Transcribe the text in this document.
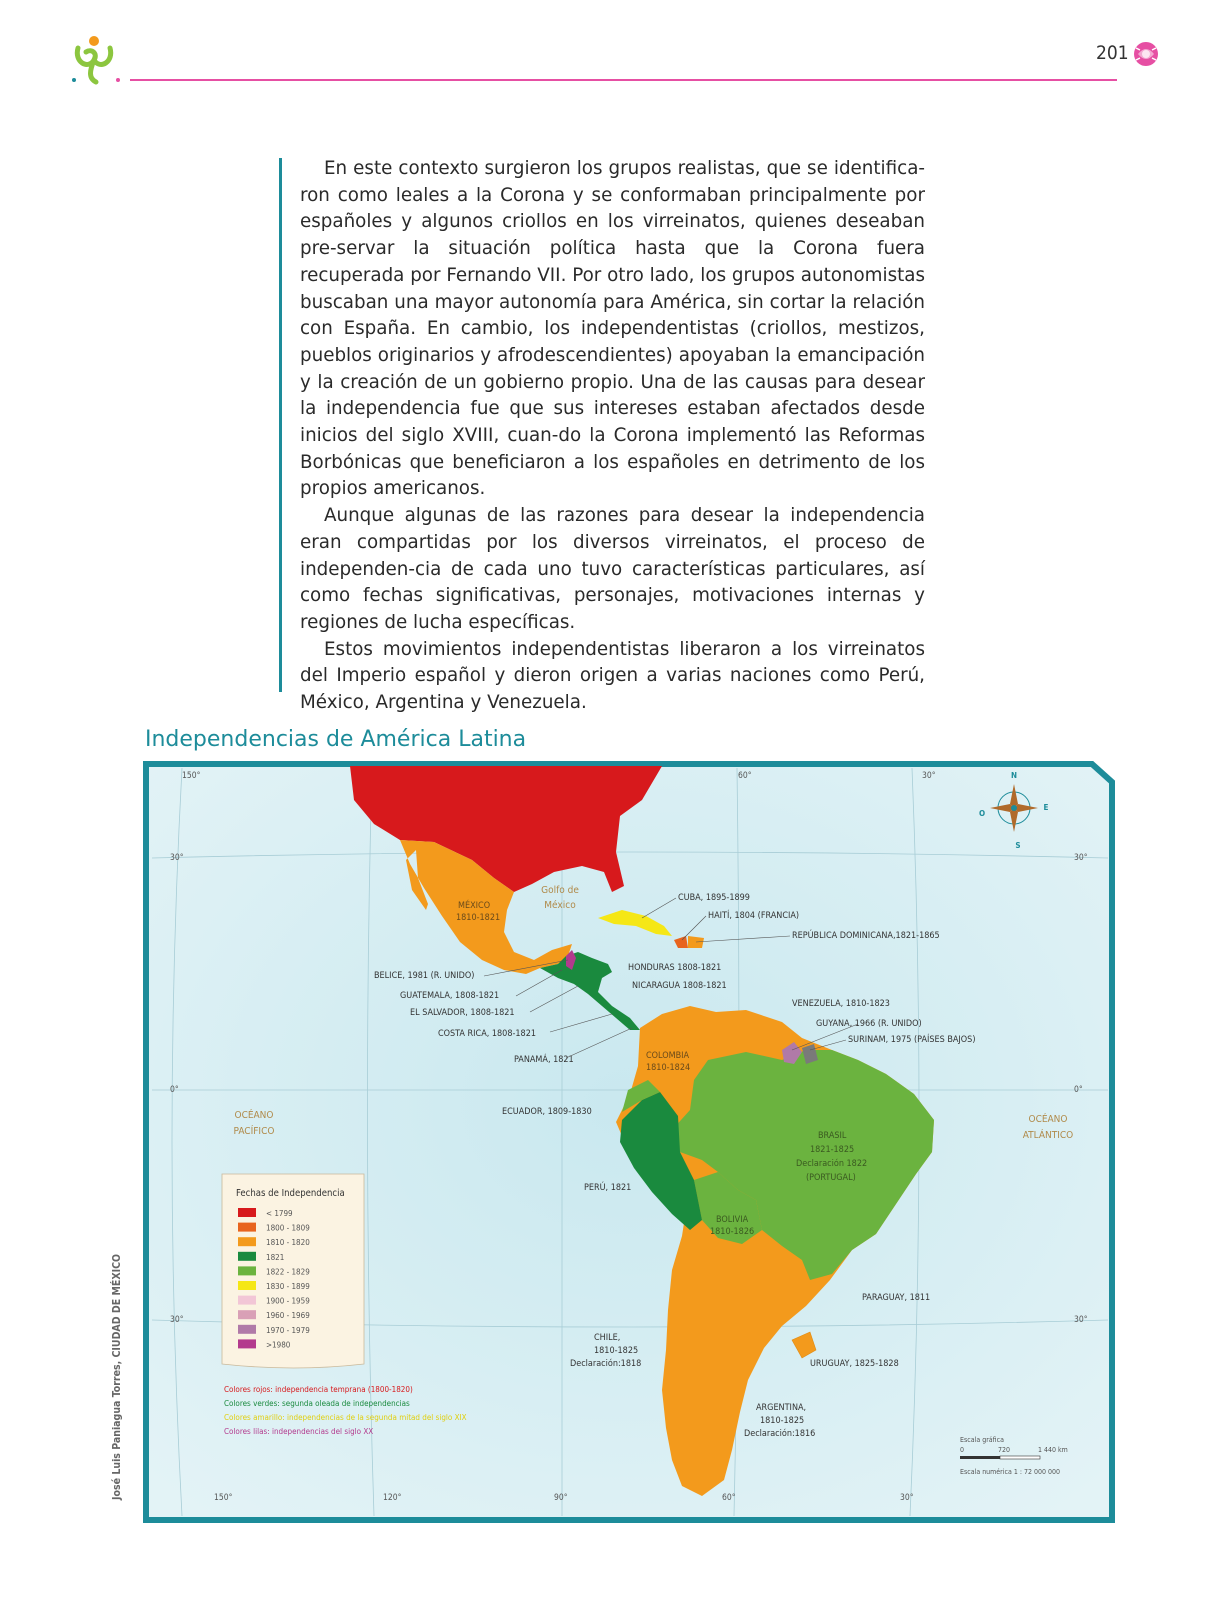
201

En este contexto surgieron los grupos realistas, que se identifica-ron como leales a la Corona y se conformaban principalmente por españoles y algunos criollos en los virreinatos, quienes deseaban pre-servar la situación política hasta que la Corona fuera recuperada por Fernando VII. Por otro lado, los grupos autonomistas buscaban una mayor autonomía para América, sin cortar la relación con España. En cambio, los independentistas (criollos, mestizos, pueblos originarios y afrodescendientes) apoyaban la emancipación y la creación de un gobierno propio. Una de las causas para desear la independencia fue que sus intereses estaban afectados desde inicios del siglo XVIII, cuan-do la Corona implementó las Reformas Borbónicas que beneficiaron a los españoles en detrimento de los propios americanos.

Aunque algunas de las razones para desear la independencia eran compartidas por los diversos virreinatos, el proceso de independen-cia de cada uno tuvo características particulares, así como fechas significativas, personajes, motivaciones internas y regiones de lucha específicas.

Estos movimientos independentistas liberaron a los virreinatos del Imperio español y dieron origen a varias naciones como Perú, México, Argentina y Venezuela.

Independencias de América Latina
150°	60°	30°
150°	120°	90°	60°	30°
30°
0°
30°
30°
0°
30°
Golfo de
México
OCÉANO
PACÍFICO
OCÉANO
ATLÁNTICO
MÉXICO
1810-1821
CUBA, 1895-1899
HAITÍ, 1804 (FRANCIA)
REPÚBLICA DOMINICANA,1821-1865
HONDURAS 1808-1821
NICARAGUA 1808-1821
BELICE, 1981 (R. UNIDO)
GUATEMALA, 1808-1821
EL SALVADOR, 1808-1821
COSTA RICA, 1808-1821
PANAMÁ, 1821
VENEZUELA, 1810-1823
GUYANA, 1966 (R. UNIDO)
SURINAM, 1975 (PAÍSES BAJOS)
COLOMBIA
1810-1824
ECUADOR, 1809-1830
BRASIL
1821-1825
Declaración 1822
(PORTUGAL)
PERÚ, 1821
BOLIVIA
1810-1826
PARAGUAY, 1811
CHILE,
1810-1825
Declaración:1818	URUGUAY, 1825-1828
ARGENTINA,
1810-1825
Declaración:1816
N
S
E
O
Fechas de Independencia
< 1799
1800 - 1809
1810 - 1820
1821
1822 - 1829
1830 - 1899
1900 - 1959
1960 - 1969
1970 - 1979
>1980
Colores rojos: independencia temprana (1800-1820)
Colores verdes: segunda oleada de independencias
Colores amarillo: independencias de la segunda mitad del siglo XIX
Colores lilas: independencias del siglo XX
Escala gráfica
0	720	1 440 km
Escala numérica 1 : 72 000 000
José Luis Paniagua Torres, CIUDAD DE MÉXICO
